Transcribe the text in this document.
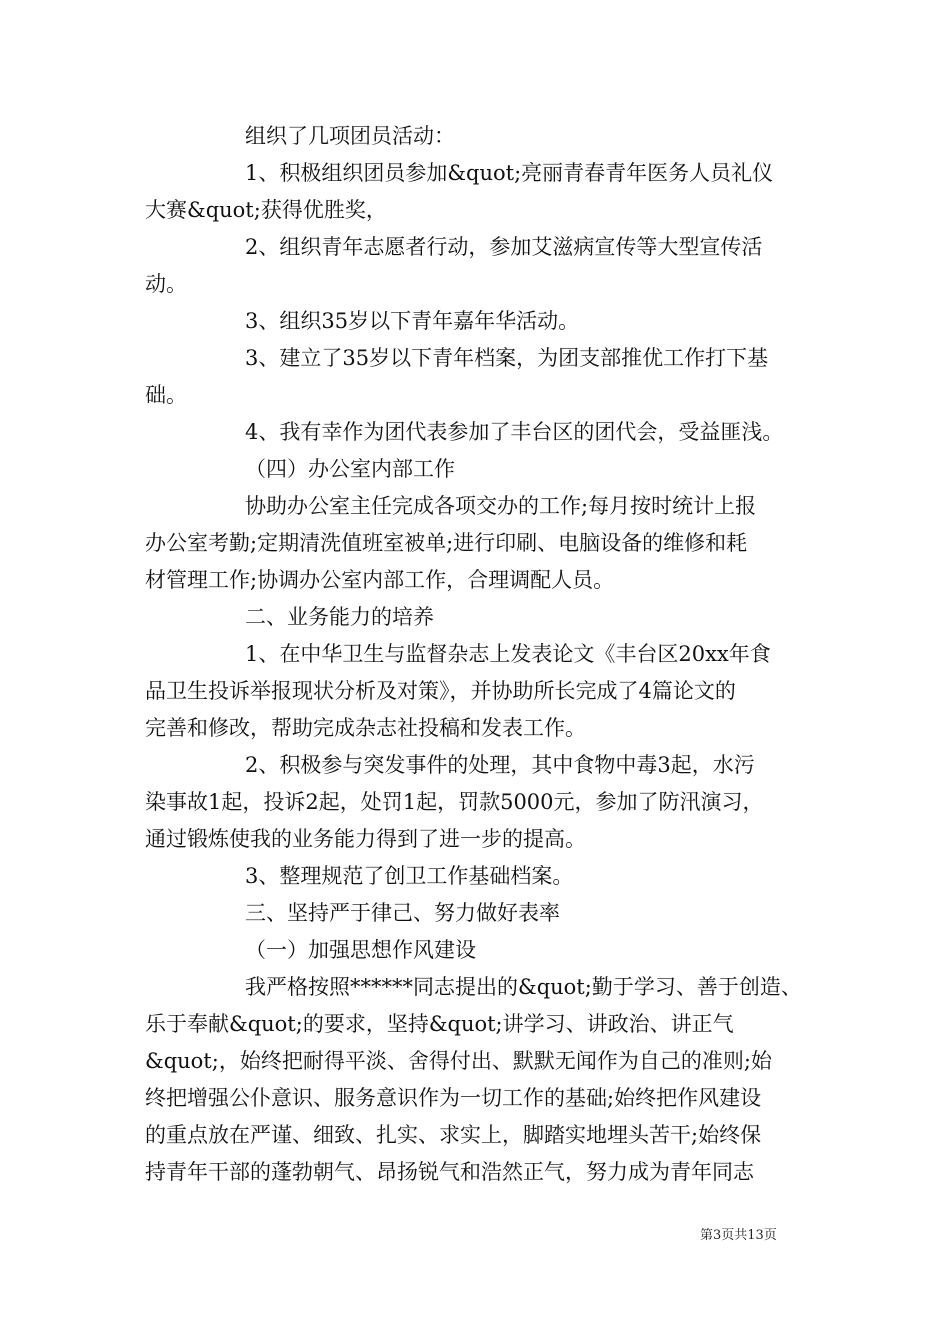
组织了几项团员活动：
1、积极组织团员参加&quot;亮丽青春青年医务人员礼仪
大赛&quot;获得优胜奖，
2、组织青年志愿者行动，参加艾滋病宣传等大型宣传活
动。
3、组织35岁以下青年嘉年华活动。
3、建立了35岁以下青年档案，为团支部推优工作打下基
础。
4、我有幸作为团代表参加了丰台区的团代会，受益匪浅。
（四）办公室内部工作
协助办公室主任完成各项交办的工作;每月按时统计上报
办公室考勤;定期清洗值班室被单;进行印刷、电脑设备的维修和耗
材管理工作;协调办公室内部工作，合理调配人员。
二、业务能力的培养
1、在中华卫生与监督杂志上发表论文《丰台区20xx年食
品卫生投诉举报现状分析及对策》，并协助所长完成了4篇论文的
完善和修改，帮助完成杂志社投稿和发表工作。
2、积极参与突发事件的处理，其中食物中毒3起，水污
染事故1起，投诉2起，处罚1起，罚款5000元，参加了防汛演习，
通过锻炼使我的业务能力得到了进一步的提高。
3、整理规范了创卫工作基础档案。
三、坚持严于律己、努力做好表率
（一）加强思想作风建设
我严格按照******同志提出的&quot;勤于学习、善于创造、
乐于奉献&quot;的要求，坚持&quot;讲学习、讲政治、讲正气
&quot;，始终把耐得平淡、舍得付出、默默无闻作为自己的准则;始
终把增强公仆意识、服务意识作为一切工作的基础;始终把作风建设
的重点放在严谨、细致、扎实、求实上，脚踏实地埋头苦干;始终保
持青年干部的蓬勃朝气、昂扬锐气和浩然正气，努力成为青年同志
第3页共13页
